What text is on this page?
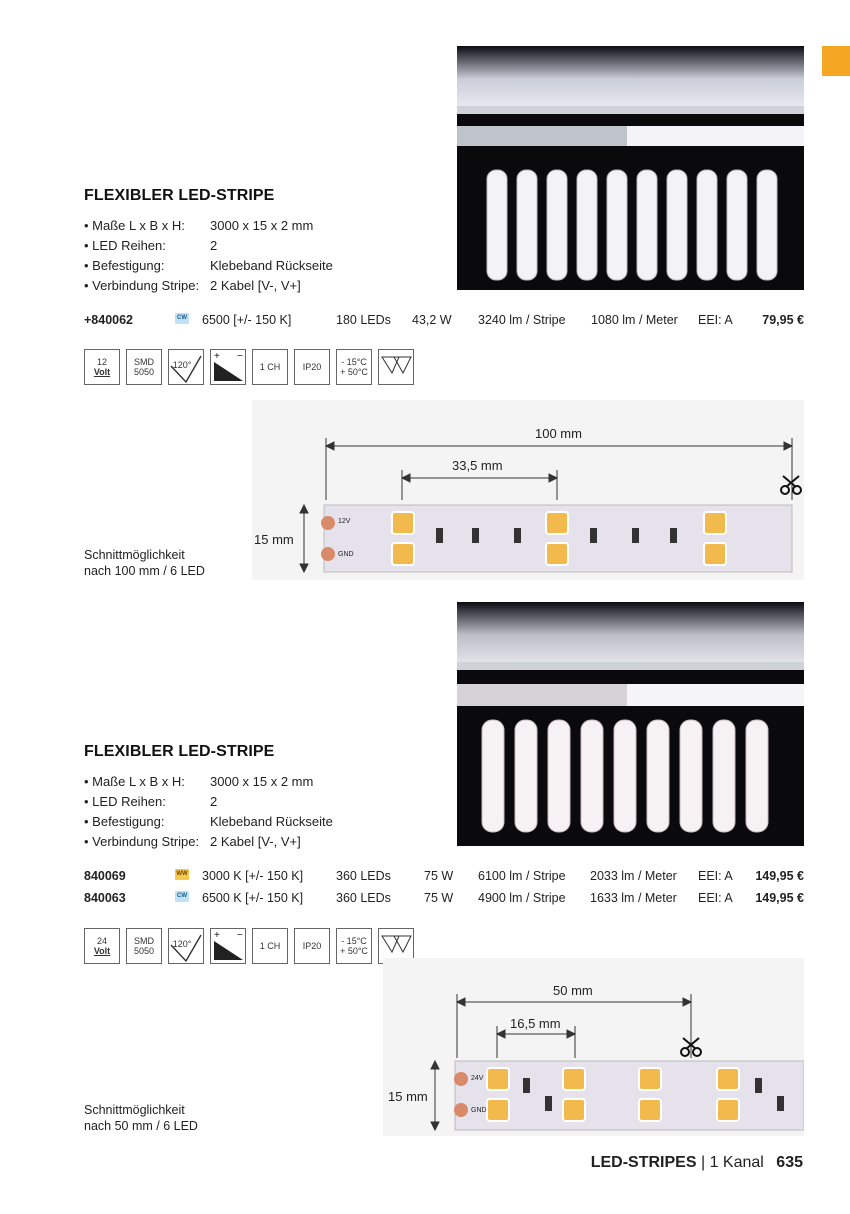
FLEXIBLER LED-STRIPE
• Maße L x B x H: 3000 x 15 x 2 mm
• LED Reihen:	2
• Befestigung:	Klebeband Rückseite
• Verbindung Stripe: 2 Kabel [V-, V+]
+840062	CW 6500 [+/- 150 K]	180 LEDs 43,2 W 3240 lm / Stripe 1080 lm / Meter EEI: A 79,95 €
12
Volt
SMD
5050
120°
+ −
1 CH IP20 - 15°C
+ 50°C
100 mm
33,5 mm
15 mm
12V
GND
Schnittmöglichkeit
nach 100 mm / 6 LED
FLEXIBLER LED-STRIPE
• Maße L x B x H: 3000 x 15 x 2 mm
• LED Reihen:	2
• Befestigung:	Klebeband Rückseite
• Verbindung Stripe: 2 Kabel [V-, V+]
840069	WW 3000 K [+/- 150 K]	360 LEDs	75 W 6100 lm / Stripe 2033 lm / Meter EEI: A 149,95 €
840063	CW 6500 K [+/- 150 K]	360 LEDs	75 W 4900 lm / Stripe 1633 lm / Meter EEI: A 149,95 €
24
Volt
SMD
5050
120°
+ −
1 CH IP20 - 15°C
+ 50°C
50 mm
16,5 mm
15 mm
24V
GND
Schnittmöglichkeit
nach 50 mm / 6 LED
LED-STRIPES | 1 Kanal 635
